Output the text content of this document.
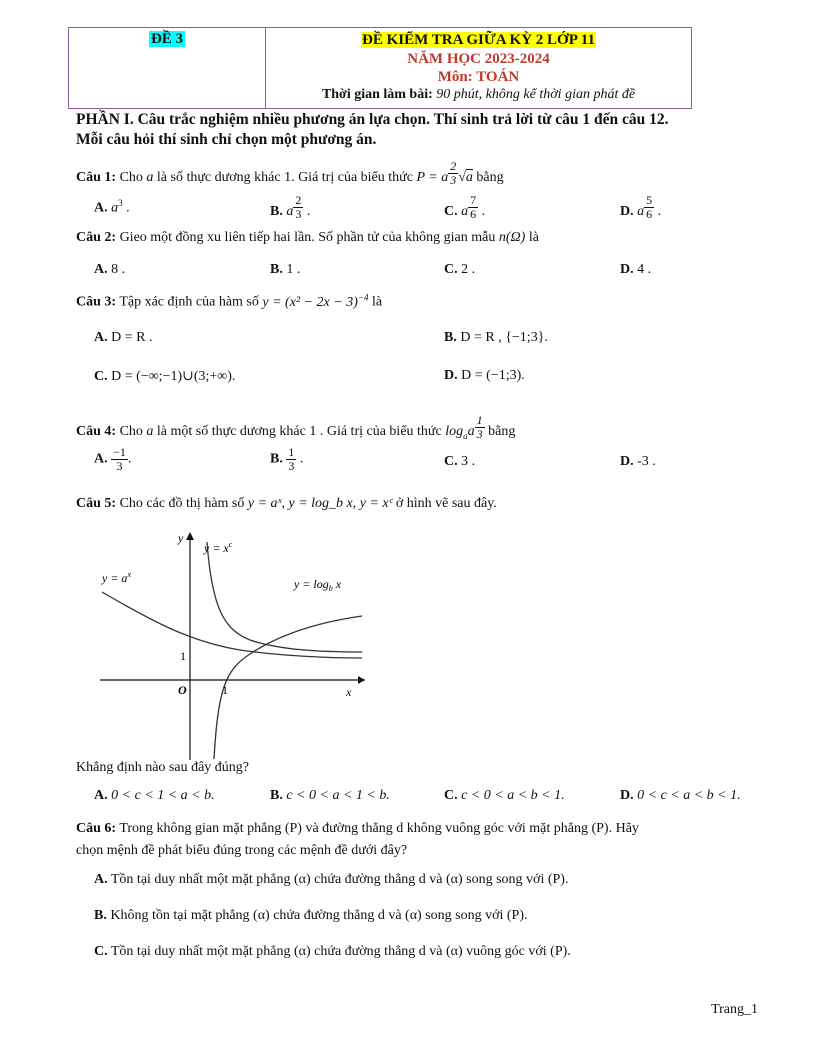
ĐỀ 3	ĐỀ KIỂM TRA GIỮA KỲ 2 LỚP 11
NĂM HỌC 2023-2024
Môn: TOÁN
Thời gian làm bài: 90 phút, không kể thời gian phát đề
PHẦN I. Câu trắc nghiệm nhiều phương án lựa chọn. Thí sinh trả lời từ câu 1 đến câu 12.
Mỗi câu hỏi thí sinh chỉ chọn một phương án.
Câu 1: Cho a là số thực dương khác 1. Giá trị của biểu thức P = a $^{\frac{2}{3}}$ √a bằng
A. $a^3$ .	B. a $^{\frac{2}{3}}$ .	C. a $^{\frac{7}{6}}$ .	D. a $^{\frac{5}{6}}$ .
Câu 2: Gieo một đồng xu liên tiếp hai lần. Số phần tử của không gian mẫu n(Ω) là
A. 8 .	B. 1 .	C. 2 .	D. 4 .
Câu 3: Tập xác định của hàm số $y = (x^2 - 2x - 3)^{-4}$ là
A. D = R .	B. D = R , {−1;3}.
C. D = (−∞;−1)∪(3;+∞).	D. D = (−1;3).
Câu 4: Cho a là một số thực dương khác 1 . Giá trị của biểu thức $\log_aa$ $^{\frac{1}{3}}$ bằng
A. $\frac{-1}{3}$ .	B. $\frac{1}{3}$ .	C. 3 .	D. -3 .
Câu 5: Cho các đồ thị hàm số y = aˣ, y = log_b x, y = xᶜ ở hình vẽ sau đây.
y
x
O	1
1
$y = x^c$
$y = a^x$
$y = \log_b x$
Khẳng định nào sau đây đúng?
A. 0 < c < 1 < a < b.	B. c < 0 < a < 1 < b.	C. c < 0 < a < b < 1.	D. 0 < c < a < b < 1.
Câu 6: Trong không gian mặt phẳng (P) và đường thẳng d không vuông góc với mặt phẳng (P). Hãy
chọn mệnh đề phát biểu đúng trong các mệnh đề dưới đây?
A. Tồn tại duy nhất một mặt phẳng (α) chứa đường thẳng d và (α) song song với (P).
B. Không tồn tại mặt phẳng (α) chứa đường thẳng d và (α) song song với (P).
C. Tồn tại duy nhất một mặt phẳng (α) chứa đường thẳng d và (α) vuông góc với (P).
Trang_1
